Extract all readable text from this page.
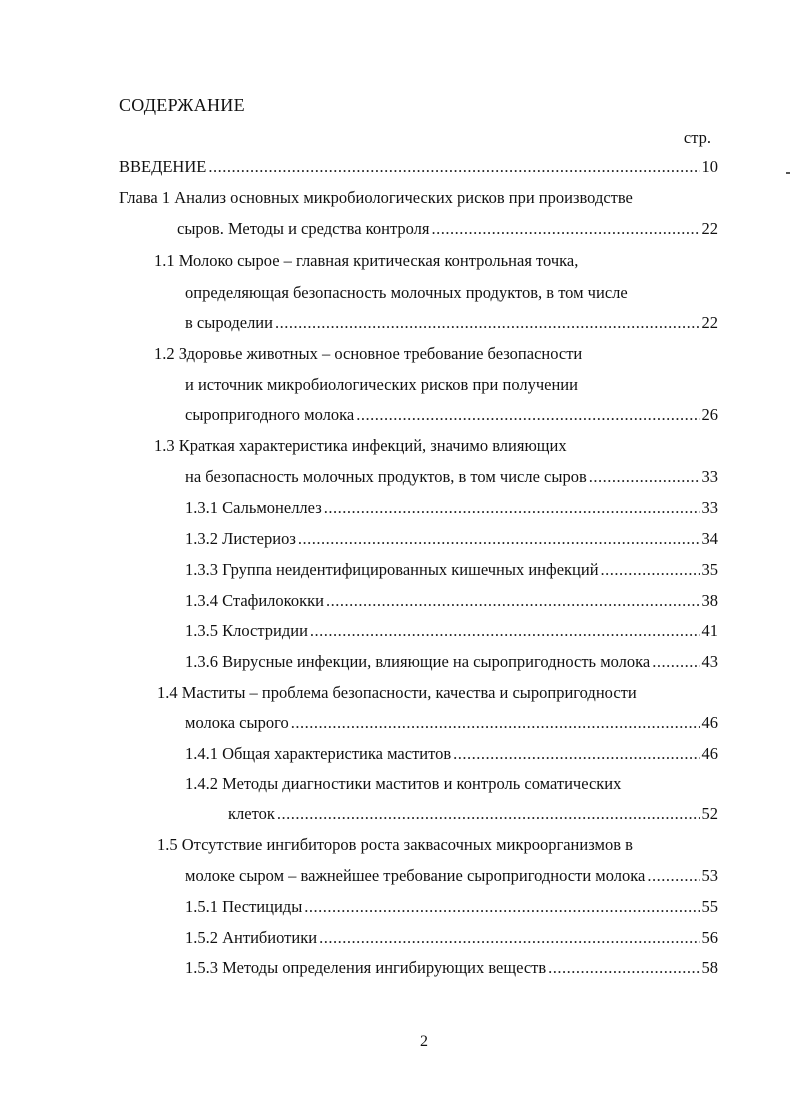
СОДЕРЖАНИЕ
стр.
ВВЕДЕНИЕ .....	10
Глава 1 Анализ основных микробиологических рисков при производстве
сыров. Методы и средства контроля .....	22
1.1 Молоко сырое – главная критическая контрольная точка,
определяющая безопасность молочных продуктов, в том числе
в сыроделии .....	22
1.2 Здоровье животных – основное требование безопасности
и источник микробиологических рисков при получении
сыропригодного молока .....	26
1.3 Краткая характеристика инфекций, значимо влияющих
на безопасность молочных продуктов, в том числе сыров .....	33
1.3.1 Сальмонеллез .....	33
1.3.2 Листериоз .....	34
1.3.3 Группа неидентифицированных кишечных инфекций .....	35
1.3.4 Стафилококки .....	38
1.3.5 Клостридии .....	41
1.3.6 Вирусные инфекции, влияющие на сыропригодность молока .....	43
1.4 Маститы – проблема безопасности, качества и сыропригодности
молока сырого .....	46
1.4.1 Общая характеристика маститов .....	46
1.4.2 Методы диагностики маститов и контроль соматических
клеток .....	52
1.5 Отсутствие ингибиторов роста заквасочных микроорганизмов в
молоке сыром – важнейшее требование сыропригодности молока .....	53
1.5.1 Пестициды .....	55
1.5.2 Антибиотики .....	56
1.5.3 Методы определения ингибирующих веществ .....	58
2
